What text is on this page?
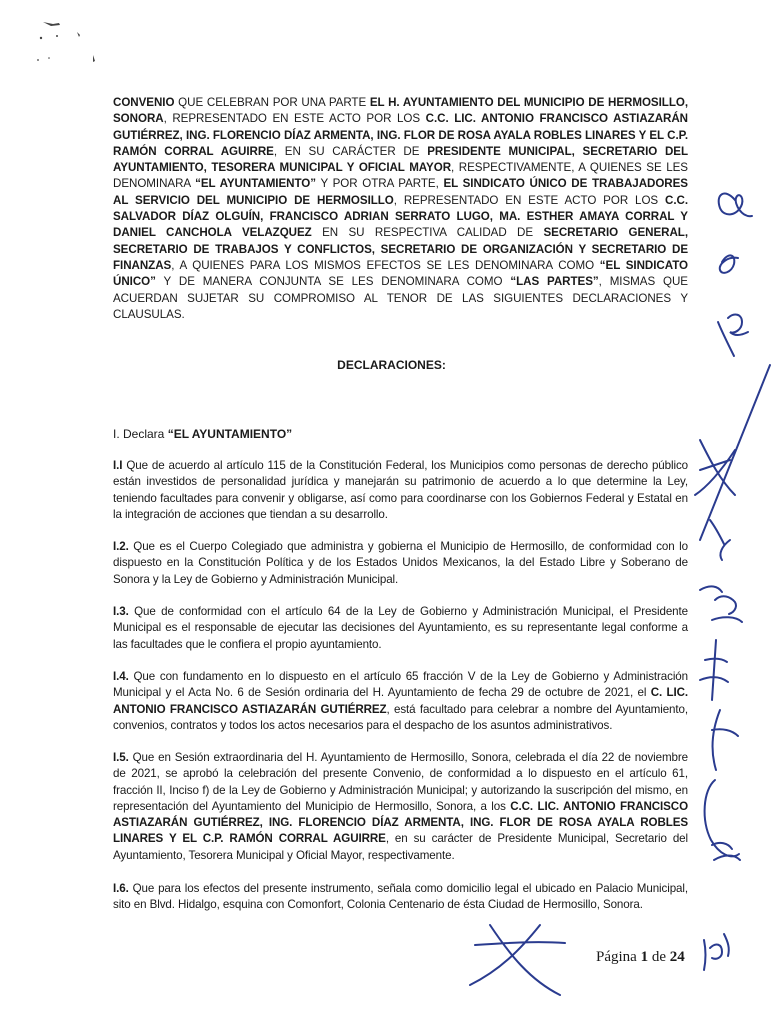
CONVENIO QUE CELEBRAN POR UNA PARTE EL H. AYUNTAMIENTO DEL MUNICIPIO DE HERMOSILLO, SONORA, REPRESENTADO EN ESTE ACTO POR LOS C.C. LIC. ANTONIO FRANCISCO ASTIAZARÁN GUTIÉRREZ, ING. FLORENCIO DÍAZ ARMENTA, ING. FLOR DE ROSA AYALA ROBLES LINARES Y EL C.P. RAMÓN CORRAL AGUIRRE, EN SU CARÁCTER DE PRESIDENTE MUNICIPAL, SECRETARIO DEL AYUNTAMIENTO, TESORERA MUNICIPAL Y OFICIAL MAYOR, RESPECTIVAMENTE, A QUIENES SE LES DENOMINARA “EL AYUNTAMIENTO” Y POR OTRA PARTE, EL SINDICATO ÚNICO DE TRABAJADORES AL SERVICIO DEL MUNICIPIO DE HERMOSILLO, REPRESENTADO EN ESTE ACTO POR LOS C.C. SALVADOR DÍAZ OLGUÍN, FRANCISCO ADRIAN SERRATO LUGO, MA. ESTHER AMAYA CORRAL Y DANIEL CANCHOLA VELAZQUEZ EN SU RESPECTIVA CALIDAD DE SECRETARIO GENERAL, SECRETARIO DE TRABAJOS Y CONFLICTOS, SECRETARIO DE ORGANIZACIÓN Y SECRETARIO DE FINANZAS, A QUIENES PARA LOS MISMOS EFECTOS SE LES DENOMINARA COMO “EL SINDICATO ÚNICO” Y DE MANERA CONJUNTA SE LES DENOMINARA COMO “LAS PARTES”, MISMAS QUE ACUERDAN SUJETAR SU COMPROMISO AL TENOR DE LAS SIGUIENTES DECLARACIONES Y CLAUSULAS.

DECLARACIONES:

I. Declara “EL AYUNTAMIENTO”

I.I Que de acuerdo al artículo 115 de la Constitución Federal, los Municipios como personas de derecho público están investidos de personalidad jurídica y manejarán su patrimonio de acuerdo a lo que determine la Ley, teniendo facultades para convenir y obligarse, así como para coordinarse con los Gobiernos Federal y Estatal en la integración de acciones que tiendan a su desarrollo.

I.2. Que es el Cuerpo Colegiado que administra y gobierna el Municipio de Hermosillo, de conformidad con lo dispuesto en la Constitución Política y de los Estados Unidos Mexicanos, la del Estado Libre y Soberano de Sonora y la Ley de Gobierno y Administración Municipal.

I.3. Que de conformidad con el artículo 64 de la Ley de Gobierno y Administración Municipal, el Presidente Municipal es el responsable de ejecutar las decisiones del Ayuntamiento, es su representante legal conforme a las facultades que le confiera el propio ayuntamiento.

I.4. Que con fundamento en lo dispuesto en el artículo 65 fracción V de la Ley de Gobierno y Administración Municipal y el Acta No. 6 de Sesión ordinaria del H. Ayuntamiento de fecha 29 de octubre de 2021, el C. LIC. ANTONIO FRANCISCO ASTIAZARÁN GUTIÉRREZ, está facultado para celebrar a nombre del Ayuntamiento, convenios, contratos y todos los actos necesarios para el despacho de los asuntos administrativos.

I.5. Que en Sesión extraordinaria del H. Ayuntamiento de Hermosillo, Sonora, celebrada el día 22 de noviembre de 2021, se aprobó la celebración del presente Convenio, de conformidad a lo dispuesto en el artículo 61, fracción II, Inciso f) de la Ley de Gobierno y Administración Municipal; y autorizando la suscripción del mismo, en representación del Ayuntamiento del Municipio de Hermosillo, Sonora, a los C.C. LIC. ANTONIO FRANCISCO ASTIAZARÁN GUTIÉRREZ, ING. FLORENCIO DÍAZ ARMENTA, ING. FLOR DE ROSA AYALA ROBLES LINARES Y EL C.P. RAMÓN CORRAL AGUIRRE, en su carácter de Presidente Municipal, Secretario del Ayuntamiento, Tesorera Municipal y Oficial Mayor, respectivamente.

I.6. Que para los efectos del presente instrumento, señala como domicilio legal el ubicado en Palacio Municipal, sito en Blvd. Hidalgo, esquina con Comonfort, Colonia Centenario de ésta Ciudad de Hermosillo, Sonora.

Página 1 de 24
